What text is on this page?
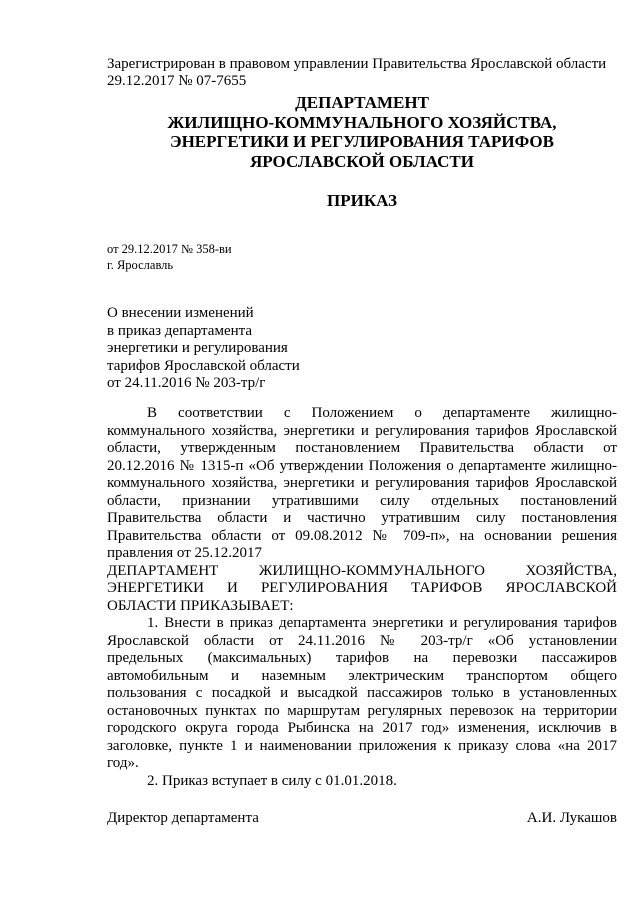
Зарегистрирован в правовом управлении Правительства Ярославской области
29.12.2017 № 07-7655
ДЕПАРТАМЕНТ
ЖИЛИЩНО-КОММУНАЛЬНОГО ХОЗЯЙСТВА,
ЭНЕРГЕТИКИ И РЕГУЛИРОВАНИЯ ТАРИФОВ
ЯРОСЛАВСКОЙ ОБЛАСТИ
ПРИКАЗ
от 29.12.2017 № 358-ви
г. Ярославль
О внесении изменений
в приказ департамента
энергетики и регулирования
тарифов Ярославской области
от 24.11.2016 № 203-тр/г
В соответствии с Положением о департаменте жилищно-
коммунального хозяйства, энергетики и регулирования тарифов Ярославской
области, утвержденным постановлением Правительства области от
20.12.2016 № 1315-п «Об утверждении Положения о департаменте жилищно-
коммунального хозяйства, энергетики и регулирования тарифов Ярославской
области, признании утратившими силу отдельных постановлений
Правительства области и частично утратившим силу постановления
Правительства области от 09.08.2012 № 709-п», на основании решения
правления от 25.12.2017
ДЕПАРТАМЕНТ ЖИЛИЩНО-КОММУНАЛЬНОГО ХОЗЯЙСТВА,
ЭНЕРГЕТИКИ И РЕГУЛИРОВАНИЯ ТАРИФОВ ЯРОСЛАВСКОЙ
ОБЛАСТИ ПРИКАЗЫВАЕТ:
1. Внести в приказ департамента энергетики и регулирования тарифов
Ярославской области от 24.11.2016 № 203-тр/г «Об установлении
предельных (максимальных) тарифов на перевозки пассажиров
автомобильным и наземным электрическим транспортом общего
пользования с посадкой и высадкой пассажиров только в установленных
остановочных пунктах по маршрутам регулярных перевозок на территории
городского округа города Рыбинска на 2017 год» изменения, исключив в
заголовке, пункте 1 и наименовании приложения к приказу слова «на 2017
год».
2. Приказ вступает в силу с 01.01.2018.
Директор департамента	А.И. Лукашов
